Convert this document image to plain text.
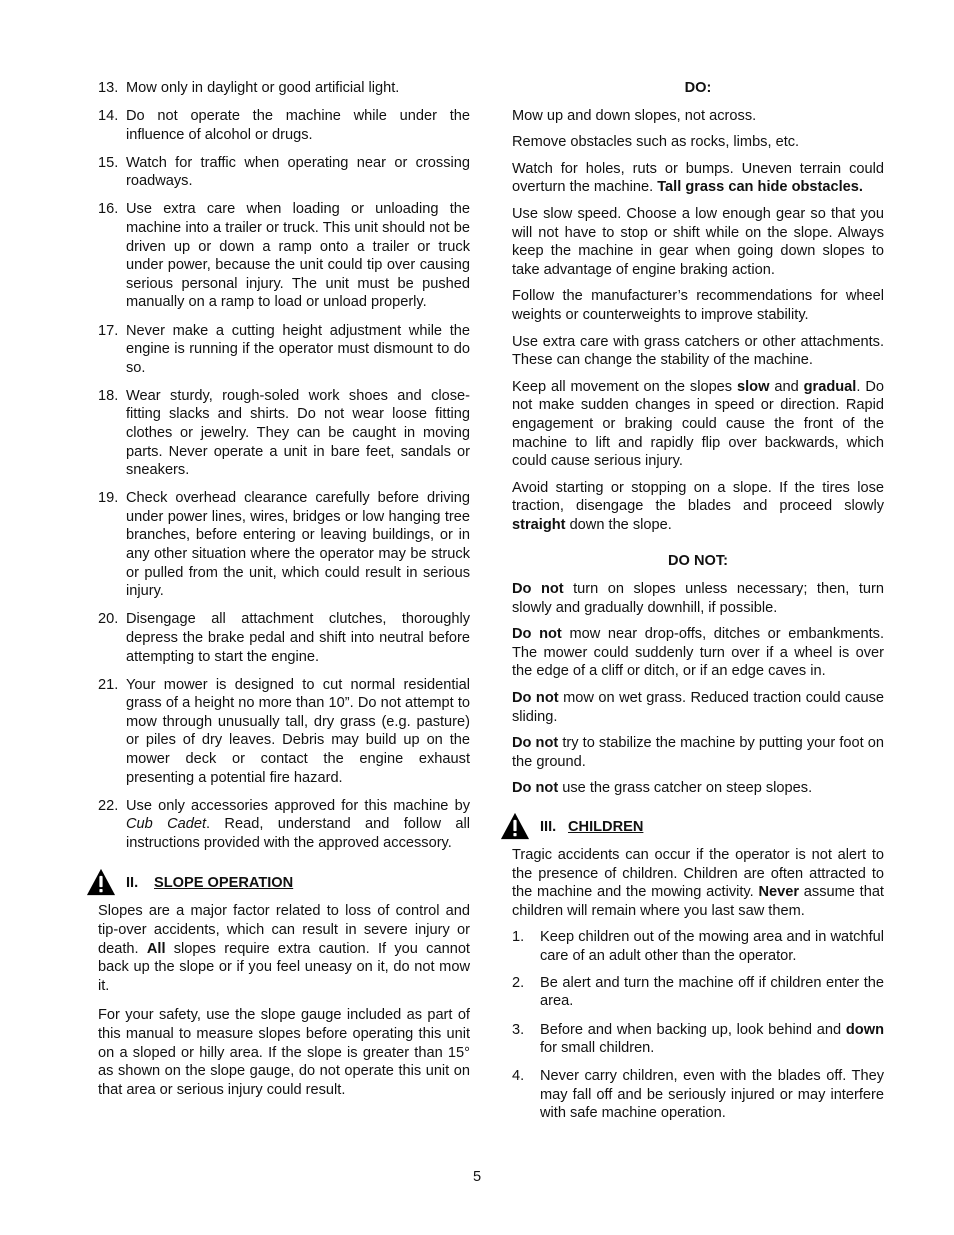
13. Mow only in daylight or good artificial light.
14. Do not operate the machine while under the influence of alcohol or drugs.
15. Watch for traffic when operating near or crossing roadways.
16. Use extra care when loading or unloading the machine into a trailer or truck. This unit should not be driven up or down a ramp onto a trailer or truck under power, because the unit could tip over causing serious personal injury. The unit must be pushed manually on a ramp to load or unload properly.
17. Never make a cutting height adjustment while the engine is running if the operator must dismount to do so.
18. Wear sturdy, rough-soled work shoes and close-fitting slacks and shirts. Do not wear loose fitting clothes or jewelry. They can be caught in moving parts. Never operate a unit in bare feet, sandals or sneakers.
19. Check overhead clearance carefully before driving under power lines, wires, bridges or low hanging tree branches, before entering or leaving buildings, or in any other situation where the operator may be struck or pulled from the unit, which could result in serious injury.
20. Disengage all attachment clutches, thoroughly depress the brake pedal and shift into neutral before attempting to start the engine.
21. Your mower is designed to cut normal residential grass of a height no more than 10”. Do not attempt to mow through unusually tall, dry grass (e.g. pasture) or piles of dry leaves. Debris may build up on the mower deck or contact the engine exhaust presenting a potential fire hazard.
22. Use only accessories approved for this machine by Cub Cadet. Read, understand and follow all instructions provided with the approved accessory.
II. SLOPE OPERATION

Slopes are a major factor related to loss of control and tip-over accidents, which can result in severe injury or death. All slopes require extra caution. If you cannot back up the slope or if you feel uneasy on it, do not mow it.

For your safety, use the slope gauge included as part of this manual to measure slopes before operating this unit on a sloped or hilly area. If the slope is greater than 15° as shown on the slope gauge, do not operate this unit on that area or serious injury could result.

DO:

Mow up and down slopes, not across.

Remove obstacles such as rocks, limbs, etc.

Watch for holes, ruts or bumps. Uneven terrain could overturn the machine. Tall grass can hide obstacles.

Use slow speed. Choose a low enough gear so that you will not have to stop or shift while on the slope. Always keep the machine in gear when going down slopes to take advantage of engine braking action.

Follow the manufacturer’s recommendations for wheel weights or counterweights to improve stability.

Use extra care with grass catchers or other attachments. These can change the stability of the machine.

Keep all movement on the slopes slow and gradual. Do not make sudden changes in speed or direction. Rapid engagement or braking could cause the front of the machine to lift and rapidly flip over backwards, which could cause serious injury.

Avoid starting or stopping on a slope. If the tires lose traction, disengage the blades and proceed slowly straight down the slope.

DO NOT:

Do not turn on slopes unless necessary; then, turn slowly and gradually downhill, if possible.

Do not mow near drop-offs, ditches or embankments. The mower could suddenly turn over if a wheel is over the edge of a cliff or ditch, or if an edge caves in.

Do not mow on wet grass. Reduced traction could cause sliding.

Do not try to stabilize the machine by putting your foot on the ground.

Do not use the grass catcher on steep slopes.

III. CHILDREN

Tragic accidents can occur if the operator is not alert to the presence of children. Children are often attracted to the machine and the mowing activity. Never assume that children will remain where you last saw them.

1. Keep children out of the mowing area and in watchful care of an adult other than the operator.
2. Be alert and turn the machine off if children enter the area.
3. Before and when backing up, look behind and down for small children.
4. Never carry children, even with the blades off. They may fall off and be seriously injured or may interfere with safe machine operation.
5
